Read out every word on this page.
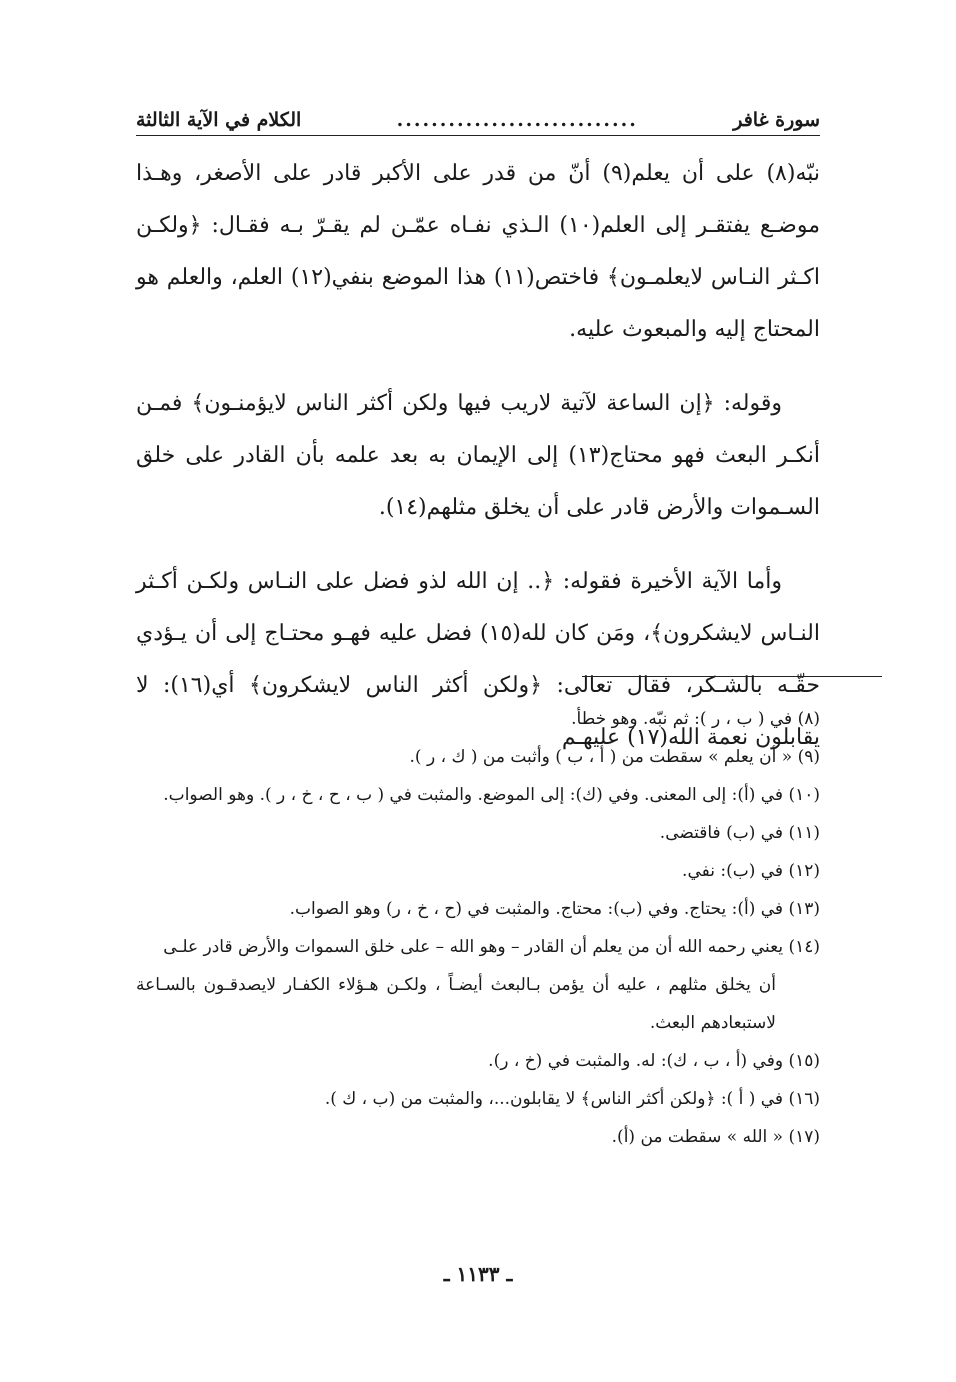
سورة غافر
............................
الكلام في الآية الثالثة

نبّه(٨) على أن يعلم(٩) أنّ من قدر على الأكبر قادر على الأصغر، وهـذا موضـع يفتقـر إلى العلم(١٠) الـذي نفـاه عمّـن لم يقـرّ بـه فقـال: ﴿ولكـن اكـثر النـاس لايعلمـون﴾ فاختص(١١) هذا الموضع بنفي(١٢) العلم، والعلم هو المحتاج إليه والمبعوث عليه.

وقوله: ﴿إن الساعة لآتية لاريب فيها ولكن أكثر الناس لايؤمنـون﴾ فمـن أنكـر البعث فهو محتاج(١٣) إلى الإيمان به بعد علمه بأن القادر على خلق السـموات والأرض قادر على أن يخلق مثلهم(١٤).

وأما الآية الأخيرة فقوله: ﴿.. إن الله لذو فضل على النـاس ولكـن أكـثر النـاس لايشكرون﴾، ومَن كان لله(١٥) فضل عليه فهـو محتـاج إلى أن يـؤدي حقّـه بالشـكر، فقال تعالى: ﴿ولكن أكثر الناس لايشكرون﴾ أي(١٦): لا يقابلون نعمة الله(١٧) عليهـم

(٨) في ( ب ، ر ): ثم نبّه. وهو خطأ.

(٩) « أن يعلم » سقطت من ( أ ، ب ) وأثبت من ( ك ، ر ).

(١٠) في (أ): إلى المعنى. وفي (ك): إلى الموضع. والمثبت في ( ب ، ح ، خ ، ر ). وهو الصواب.

(١١) في (ب) فاقتضى.

(١٢) في (ب): نفي.

(١٣) في (أ): يحتاج. وفي (ب): محتاج. والمثبت في (ح ، خ ، ر) وهو الصواب.

(١٤) يعني رحمه الله أن من يعلم أن القادر – وهو الله – على خلق السموات والأرض قادر علـى
أن يخلق مثلهم ، عليه أن يؤمن بـالبعث أيضـاً ، ولكـن هـؤلاء الكفـار لايصدقـون بالسـاعة لاستبعادهم البعث.

(١٥) وفي (أ ، ب ، ك): له. والمثبت في (خ ، ر).

(١٦) في ( أ ): ﴿ولكن أكثر الناس﴾ لا يقابلون...، والمثبت من (ب ، ك ).

(١٧) « الله » سقطت من (أ).

ـ ١١٣٣ ـ
